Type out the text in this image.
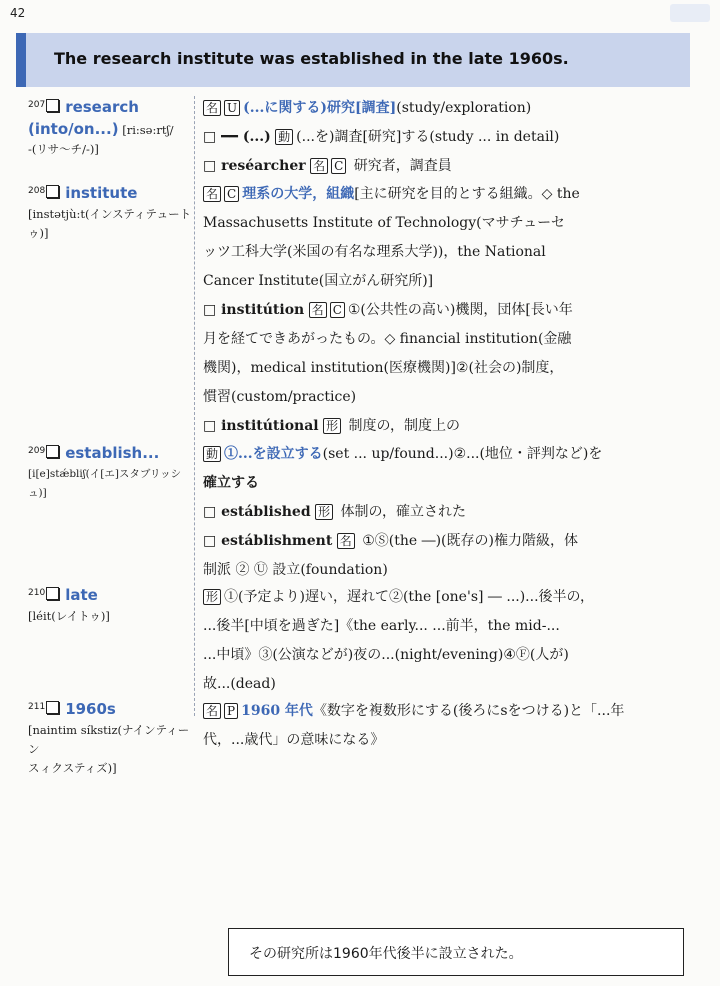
42
The research institute was established in the late 1960s.
207 research
(into/on...) [ri:sə:rtʃ/
-(リサ～チ/-)]
名 U (...に関する)研究[調査](study/exploration)
□ ━━ (...) 動 (...を)調査[研究]する(study ... in detail)
□ reséarcher 名 C 研究者，調査員
208 institute
[instətjù:t(インスティテュートゥ)]
名 C 理系の大学，組織[主に研究を目的とする組織。◇ the
Massachusetts Institute of Technology(マサチューセ
ッツ工科大学(米国の有名な理系大学))，the National
Cancer Institute(国立がん研究所)]
□ institútion 名 C ①(公共性の高い)機関，団体[長い年
月を経てできあがったもの。◇ financial institution(金融
機関)，medical institution(医療機関)]②(社会の)制度，
慣習(custom/practice)
□ institútional 形 制度の，制度上の
209 establish...
[i[e]stǽbliʃ(イ[エ]スタブリッシュ)]
動 ①...を設立する(set ... up/found...)②...(地位・評判など)を
確立する
□ estáblished 形 体制の，確立された
□ estáblishment 名 ①Ⓢ(the ―)(既存の)権力階級，体
制派 ② Ⓤ 設立(foundation)
210 late
[léit(レイトゥ)]
形 ①(予定より)遅い，遅れて②(the [one's] ― ...)...後半の，
...後半[中頃を過ぎた]《the early... ...前半，the mid-...
...中頃》③(公演などが)夜の...(night/evening)④Ⓕ(人が)
故...(dead)
211 1960s
[naintim síkstiz(ナインティーン
スィクスティズ)]
名 P 1960 年代《数字を複数形にする(後ろにsをつける)と「...年
代，...歳代」の意味になる》
その研究所は1960年代後半に設立された。
